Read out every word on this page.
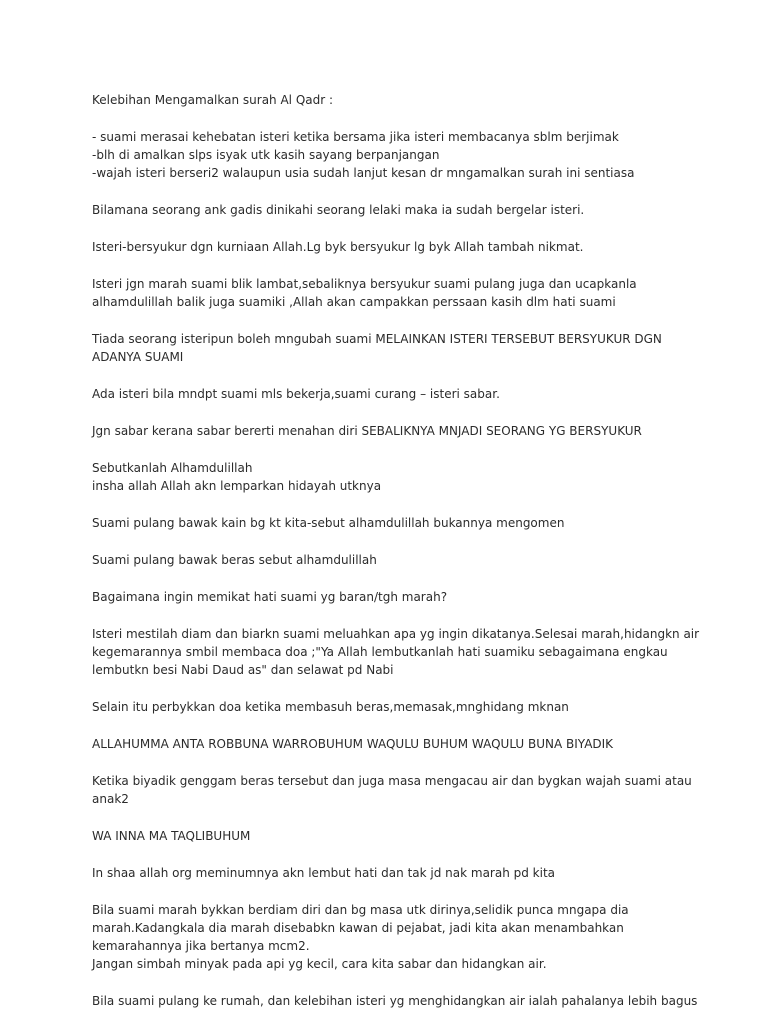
Kelebihan Mengamalkan surah Al Qadr :

- suami merasai kehebatan isteri ketika bersama jika isteri membacanya sblm berjimak
-blh di amalkan slps isyak utk kasih sayang berpanjangan
-wajah isteri berseri2 walaupun usia sudah lanjut kesan dr mngamalkan surah ini sentiasa

Bilamana seorang ank gadis dinikahi seorang lelaki maka ia sudah bergelar isteri.

Isteri-bersyukur dgn kurniaan Allah.Lg byk bersyukur lg byk Allah tambah nikmat.

Isteri jgn marah suami blik lambat,sebaliknya bersyukur suami pulang juga dan ucapkanla
alhamdulillah balik juga suamiki ,Allah akan campakkan perssaan kasih dlm hati suami

Tiada seorang isteripun boleh mngubah suami MELAINKAN ISTERI TERSEBUT BERSYUKUR DGN
ADANYA SUAMI

Ada isteri bila mndpt suami mls bekerja,suami curang – isteri sabar.

Jgn sabar kerana sabar bererti menahan diri SEBALIKNYA MNJADI SEORANG YG BERSYUKUR

Sebutkanlah Alhamdulillah
insha allah Allah akn lemparkan hidayah utknya

Suami pulang bawak kain bg kt kita-sebut alhamdulillah bukannya mengomen

Suami pulang bawak beras sebut alhamdulillah

Bagaimana ingin memikat hati suami yg baran/tgh marah?

Isteri mestilah diam dan biarkn suami meluahkan apa yg ingin dikatanya.Selesai marah,hidangkn air
kegemarannya smbil membaca doa ;"Ya Allah lembutkanlah hati suamiku sebagaimana engkau
lembutkn besi Nabi Daud as" dan selawat pd Nabi

Selain itu perbykkan doa ketika membasuh beras,memasak,mnghidang mknan

ALLAHUMMA ANTA ROBBUNA WARROBUHUM WAQULU BUHUM WAQULU BUNA BIYADIK

Ketika biyadik genggam beras tersebut dan juga masa mengacau air dan bygkan wajah suami atau
anak2

WA INNA MA TAQLIBUHUM

In shaa allah org meminumnya akn lembut hati dan tak jd nak marah pd kita

Bila suami marah bykkan berdiam diri dan bg masa utk dirinya,selidik punca mngapa dia
marah.Kadangkala dia marah disebabkn kawan di pejabat, jadi kita akan menambahkan
kemarahannya jika bertanya mcm2.
Jangan simbah minyak pada api yg kecil, cara kita sabar dan hidangkan air.

Bila suami pulang ke rumah, dan kelebihan isteri yg menghidangkan air ialah pahalanya lebih bagus
